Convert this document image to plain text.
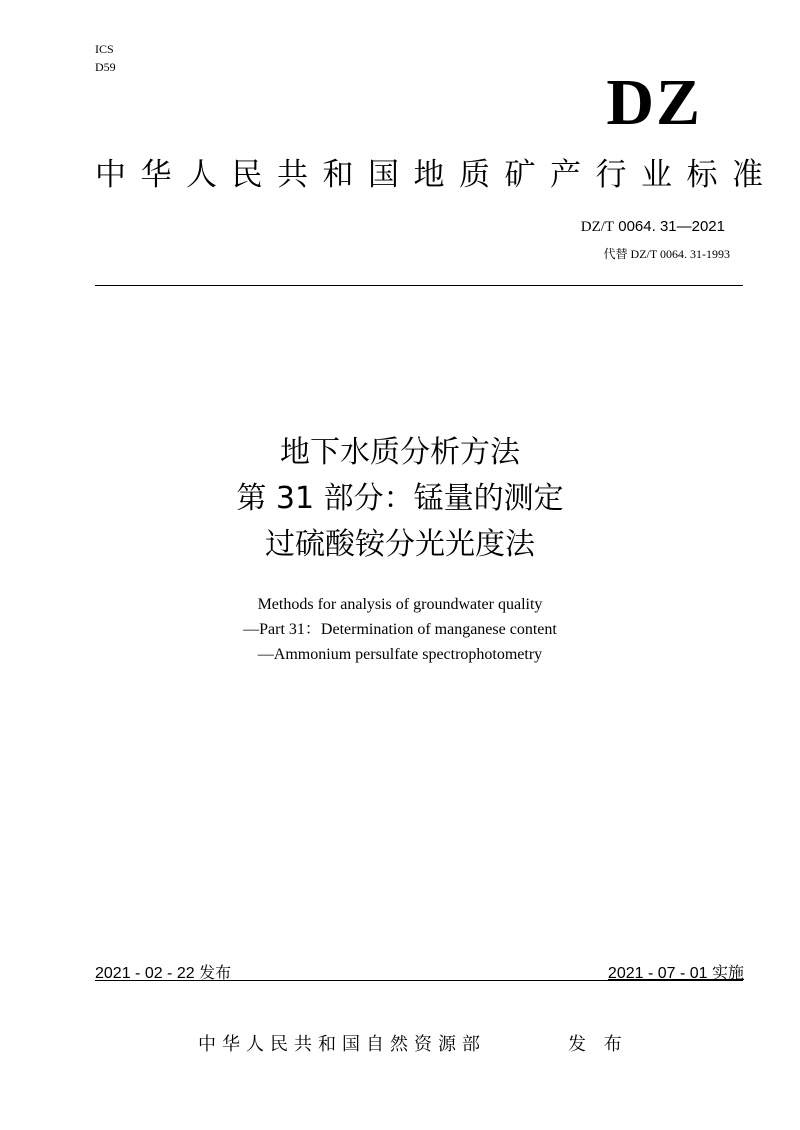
ICS
D59	DZ
中华人民共和国地质矿产行业标准
DZ/T 0064. 31—2021
代替 DZ/T 0064. 31-1993
地下水质分析方法
第 31 部分：锰量的测定
过硫酸铵分光光度法
Methods for analysis of groundwater quality
—Part 31：Determination of manganese content
—Ammonium persulfate spectrophotometry
2021 - 02 - 22 发布	2021 - 07 - 01 实施
中华人民共和国自然资源部	发 布
